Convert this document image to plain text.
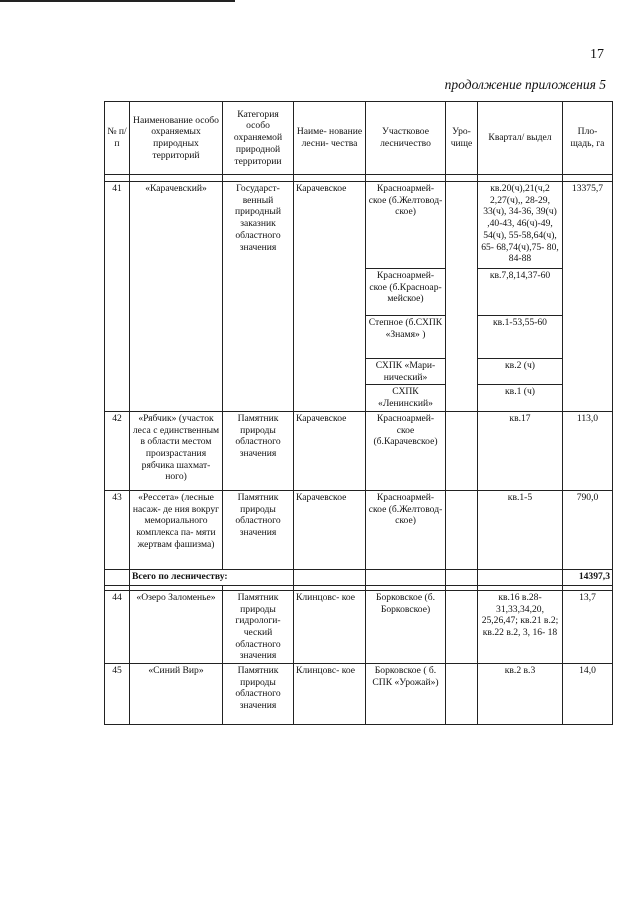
17
продолжение приложения 5
№ п/п	Наименование особо охраняемых природных территорий	Категория особо охраняемой природной территории	Наиме- нование лесни- чества	Участковое лесничество	Уро- чище	Квартал/ выдел	Пло- щадь, га

41	«Карачевский»	Государст- венный природный заказник областного значения	Карачевское	Красноармей- ское (б.Желтовод- ское)		кв.20(ч),21(ч,2 2,27(ч),, 28-29, 33(ч), 34-36, 39(ч) ,40-43, 46(ч)-49, 54(ч), 55-58,64(ч), 65- 68,74(ч),75- 80, 84-88	13375,7
				Красноармей- ское (б.Красноар- мейское)		кв.7,8,14,37-60	
				Степное (б.СХПК «Знамя» )		кв.1-53,55-60	
				СХПК «Мари- нический»		кв.2 (ч)	
				СХПК «Ленинский»		кв.1 (ч)	
42	«Рябчик» (участок леса с единственным в области местом произрастания рябчика шахмат- ного)	Памятник природы областного значения	Карачевское	Красноармей- ское (б.Карачевское)		кв.17	113,0
43	«Рессета» (лесные насаж- де ния вокруг мемориального комплекса па- мяти жертвам фашизма)	Памятник природы областного значения	Карачевское	Красноармей- ское (б.Желтовод- ское)		кв.1-5	790,0
	Всего по лесничеству:						14397,3

44	«Озеро Заломенье»	Памятник природы гидрологи- ческий областного значения	Клинцовс- кое	Борковское (б. Борковское)		кв.16 в.28- 31,33,34,20, 25,26,47; кв.21 в.2; кв.22 в.2, 3, 16- 18	13,7
45	«Синий Вир»	Памятник природы областного значения	Клинцовс- кое	Борковское ( б. СПК «Урожай»)		кв.2 в.3	14,0
